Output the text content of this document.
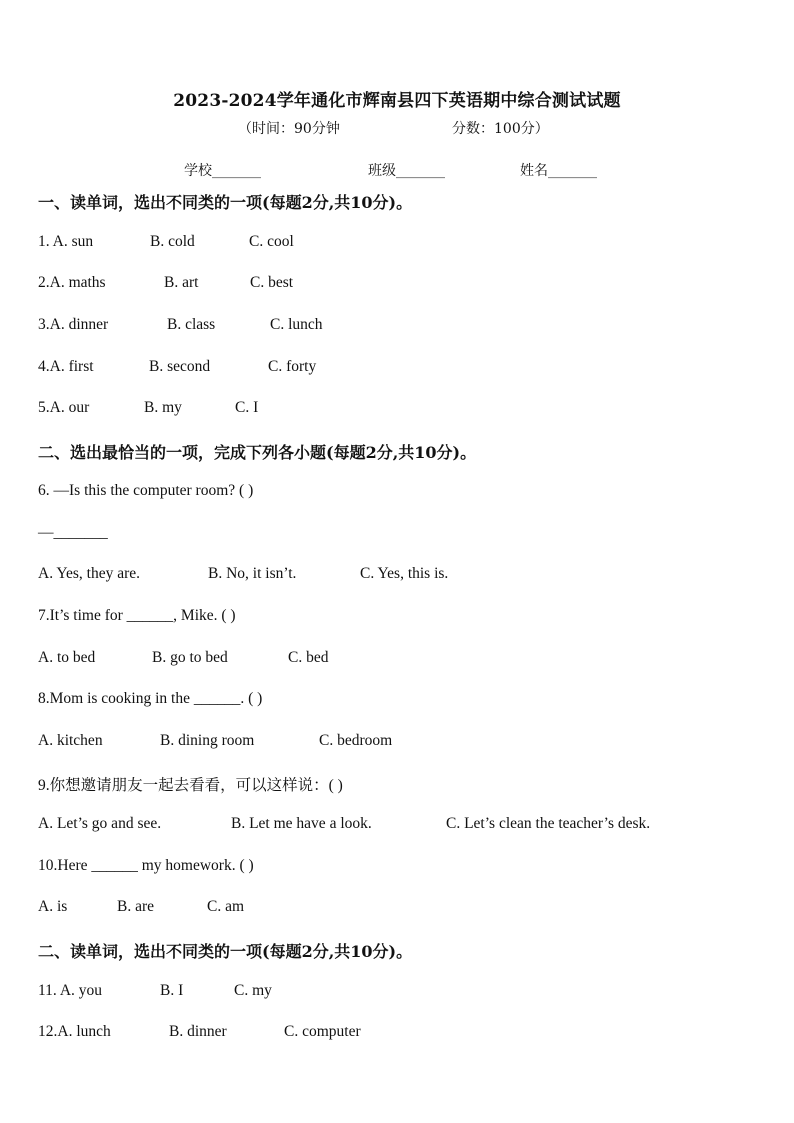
2023-2024学年通化市辉南县四下英语期中综合测试试题
（时间：90分钟	分数：100分）
学校_______	班级_______	姓名_______
一、读单词，选出不同类的一项(每题2分,共10分)。
1. A. sun	B. cold	C. cool
2.A. maths	B. art	C. best
3.A. dinner	B. class	C. lunch
4.A. first	B. second	C. forty
5.A. our	B. my	C. I
二、选出最恰当的一项，完成下列各小题(每题2分,共10分)。
6. —Is this the computer room? ( )
—_______
A. Yes, they are.	B. No, it isn’t.	C. Yes, this is.
7.It’s time for ______, Mike. ( )
A. to bed	B. go to bed	C. bed
8.Mom is cooking in the ______. ( )
A. kitchen	B. dining room	C. bedroom
9.你想邀请朋友一起去看看，可以这样说：( )
A. Let’s go and see.	B. Let me have a look.	C. Let’s clean the teacher’s desk.
10.Here ______ my homework. ( )
A. is	B. are	C. am
二、读单词，选出不同类的一项(每题2分,共10分)。
11. A. you	B. I	C. my
12.A. lunch	B. dinner	C. computer
